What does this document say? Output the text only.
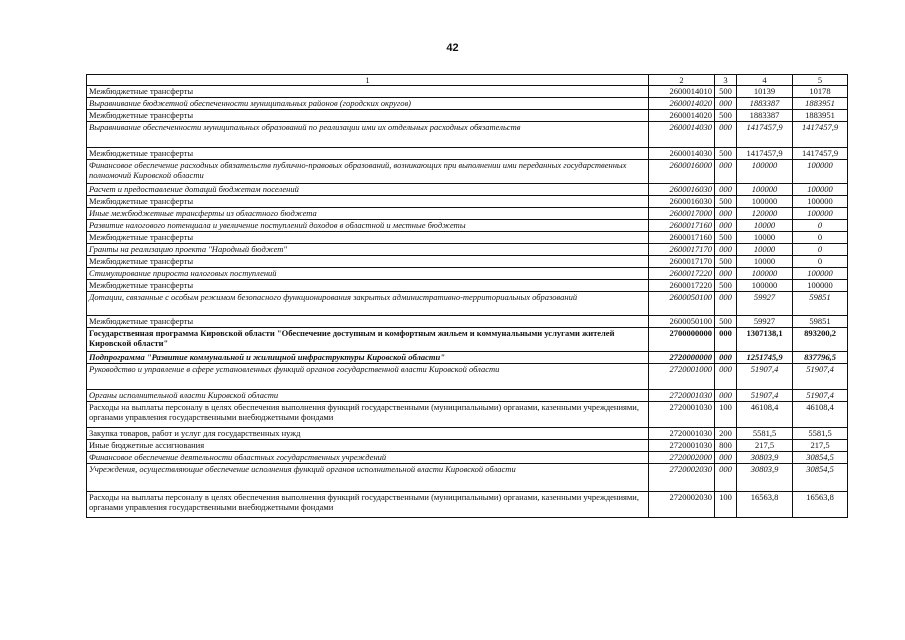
42
1	2	3	4	5
Межбюджетные трансферты	2600014010	500	10139	10178
Выравнивание бюджетной обеспеченности муниципальных районов (городских округов)	2600014020	000	1883387	1883951
Межбюджетные трансферты	2600014020	500	1883387	1883951
Выравнивание обеспеченности муниципальных образований по реализации ими их отдельных расходных обязательств	2600014030	000	1417457,9	1417457,9
Межбюджетные трансферты	2600014030	500	1417457,9	1417457,9
Финансовое обеспечение расходных обязательств публично-правовых образований, возникающих при выполнении ими переданных государственных полномочий Кировской области	2600016000	000	100000	100000
Расчет и предоставление дотаций бюджетам поселений	2600016030	000	100000	100000
Межбюджетные трансферты	2600016030	500	100000	100000
Иные межбюджетные трансферты из областного бюджета	2600017000	000	120000	100000
Развитие налогового потенциала и увеличение поступлений доходов в областной и местные бюджеты	2600017160	000	10000	0
Межбюджетные трансферты	2600017160	500	10000	0
Гранты на реализацию проекта "Народный бюджет"	2600017170	000	10000	0
Межбюджетные трансферты	2600017170	500	10000	0
Стимулирование прироста налоговых поступлений	2600017220	000	100000	100000
Межбюджетные трансферты	2600017220	500	100000	100000
Дотации, связанные с особым режимом безопасного функционирования закрытых административно-территориальных образований	2600050100	000	59927	59851
Межбюджетные трансферты	2600050100	500	59927	59851
Государственная программа Кировской области "Обеспечение доступным и комфортным жильем и коммунальными услугами жителей Кировской области"	2700000000	000	1307138,1	893200,2
Подпрограмма "Развитие коммунальной и жилищной инфраструктуры Кировской области"	2720000000	000	1251745,9	837796,5
Руководство и управление в сфере установленных функций органов государственной власти Кировской области	2720001000	000	51907,4	51907,4
Органы исполнительной власти Кировской области	2720001030	000	51907,4	51907,4
Расходы на выплаты персоналу в целях обеспечения выполнения функций государственными (муниципальными) органами, казенными учреждениями, органами управления государственными внебюджетными фондами	2720001030	100	46108,4	46108,4
Закупка товаров, работ и услуг для государственных нужд	2720001030	200	5581,5	5581,5
Иные бюджетные ассигнования	2720001030	800	217,5	217,5
Финансовое обеспечение деятельности областных государственных учреждений	2720002000	000	30803,9	30854,5
Учреждения, осуществляющие обеспечение исполнения функций органов исполнительной власти Кировской области	2720002030	000	30803,9	30854,5
Расходы на выплаты персоналу в целях обеспечения выполнения функций государственными (муниципальными) органами, казенными учреждениями, органами управления государственными внебюджетными фондами	2720002030	100	16563,8	16563,8
